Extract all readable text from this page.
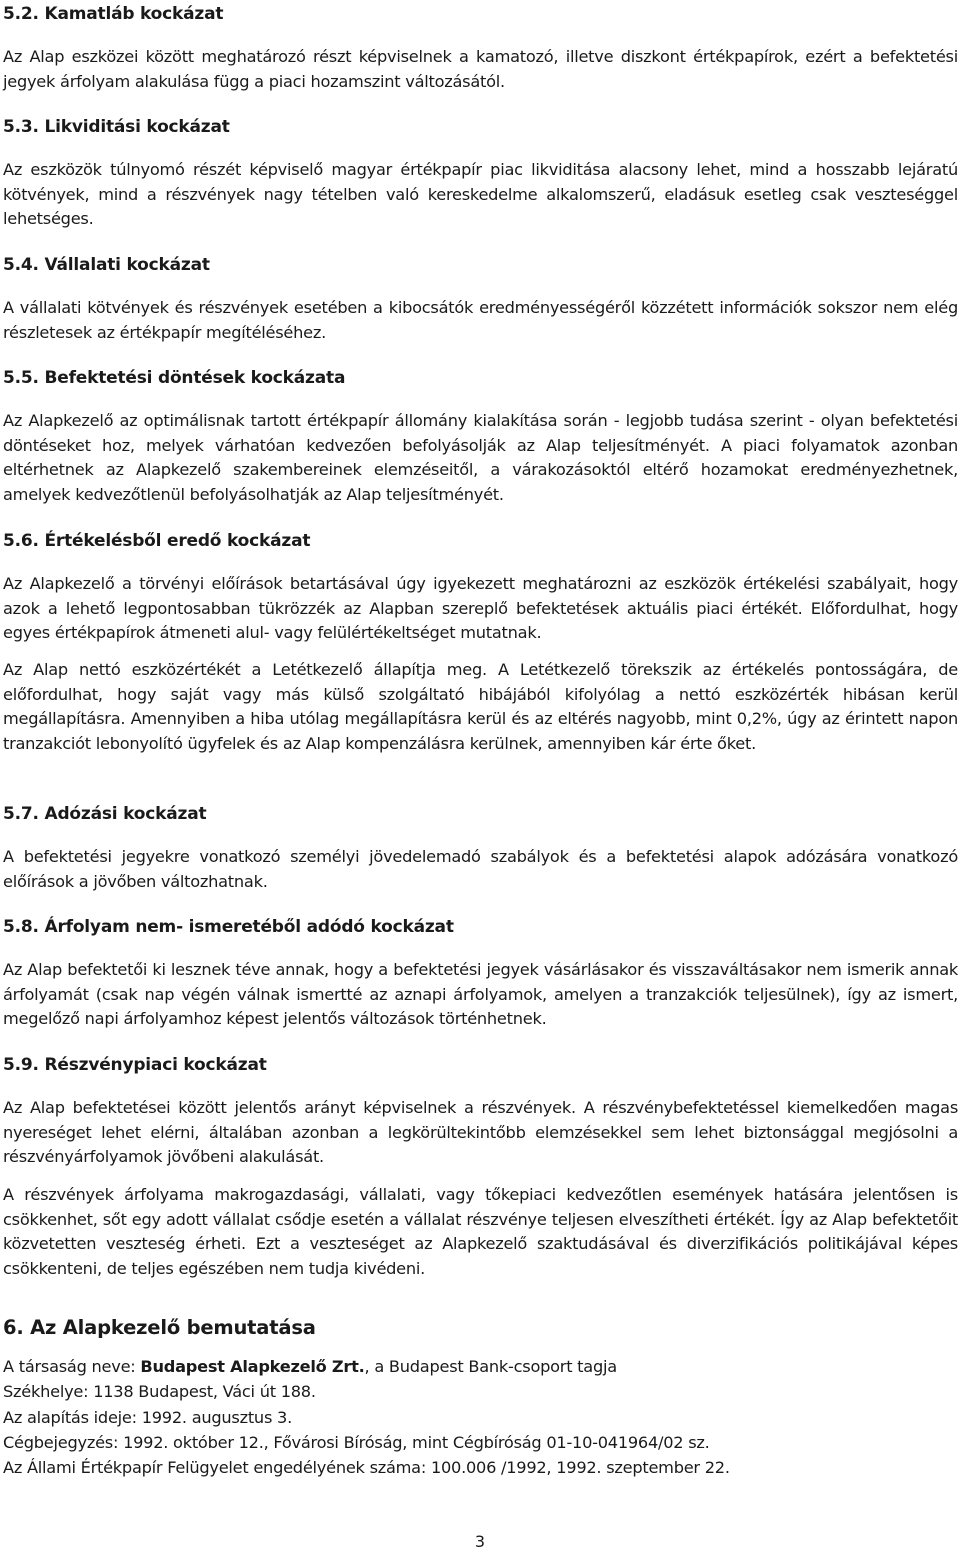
5.2. Kamatláb kockázat

Az Alap eszközei között meghatározó részt képviselnek a kamatozó, illetve diszkont értékpapírok, ezért a befektetési jegyek árfolyam alakulása függ a piaci hozamszint változásától.

5.3. Likviditási kockázat

Az eszközök túlnyomó részét képviselő magyar értékpapír piac likviditása alacsony lehet, mind a hosszabb lejáratú kötvények, mind a részvények nagy tételben való kereskedelme alkalomszerű, eladásuk esetleg csak veszteséggel lehetséges.

5.4. Vállalati kockázat

A vállalati kötvények és részvények esetében a kibocsátók eredményességéről közzétett információk sokszor nem elég részletesek az értékpapír megítéléséhez.

5.5. Befektetési döntések kockázata

Az Alapkezelő az optimálisnak tartott értékpapír állomány kialakítása során - legjobb tudása szerint - olyan befektetési döntéseket hoz, melyek várhatóan kedvezően befolyásolják az Alap teljesítményét. A piaci folyamatok azonban eltérhetnek az Alapkezelő szakembereinek elemzéseitől, a várakozásoktól eltérő hozamokat eredményezhetnek, amelyek kedvezőtlenül befolyásolhatják az Alap teljesítményét.

5.6. Értékelésből eredő kockázat

Az Alapkezelő a törvényi előírások betartásával úgy igyekezett meghatározni az eszközök értékelési szabályait, hogy azok a lehető legpontosabban tükrözzék az Alapban szereplő befektetések aktuális piaci értékét. Előfordulhat, hogy egyes értékpapírok átmeneti alul- vagy felülértékeltséget mutatnak.

Az Alap nettó eszközértékét a Letétkezelő állapítja meg. A Letétkezelő törekszik az értékelés pontosságára, de előfordulhat, hogy saját vagy más külső szolgáltató hibájából kifolyólag a nettó eszközérték hibásan kerül megállapításra. Amennyiben a hiba utólag megállapításra kerül és az eltérés nagyobb, mint 0,2%, úgy az érintett napon tranzakciót lebonyolító ügyfelek és az Alap kompenzálásra kerülnek, amennyiben kár érte őket.

5.7. Adózási kockázat

A befektetési jegyekre vonatkozó személyi jövedelemadó szabályok és a befektetési alapok adózására vonatkozó előírások a jövőben változhatnak.

5.8. Árfolyam nem- ismeretéből adódó kockázat

Az Alap befektetői ki lesznek téve annak, hogy a befektetési jegyek vásárlásakor és visszaváltásakor nem ismerik annak árfolyamát (csak nap végén válnak ismertté az aznapi árfolyamok, amelyen a tranzakciók teljesülnek), így az ismert, megelőző napi árfolyamhoz képest jelentős változások történhetnek.

5.9. Részvénypiaci kockázat

Az Alap befektetései között jelentős arányt képviselnek a részvények. A részvénybefektetéssel kiemelkedően magas nyereséget lehet elérni, általában azonban a legkörültekintőbb elemzésekkel sem lehet biztonsággal megjósolni a részvényárfolyamok jövőbeni alakulását.

A részvények árfolyama makrogazdasági, vállalati, vagy tőkepiaci kedvezőtlen események hatására jelentősen is csökkenhet, sőt egy adott vállalat csődje esetén a vállalat részvénye teljesen elveszítheti értékét. Így az Alap befektetőit közvetetten veszteség érheti. Ezt a veszteséget az Alapkezelő szaktudásával és diverzifikációs politikájával képes csökkenteni, de teljes egészében nem tudja kivédeni.

6. Az Alapkezelő bemutatása
A társaság neve: Budapest Alapkezelő Zrt., a Budapest Bank-csoport tagja
Székhelye: 1138 Budapest, Váci út 188.
Az alapítás ideje: 1992. augusztus 3.
Cégbejegyzés: 1992. október 12., Fővárosi Bíróság, mint Cégbíróság 01-10-041964/02 sz.
Az Állami Értékpapír Felügyelet engedélyének száma: 100.006 /1992, 1992. szeptember 22.
3
